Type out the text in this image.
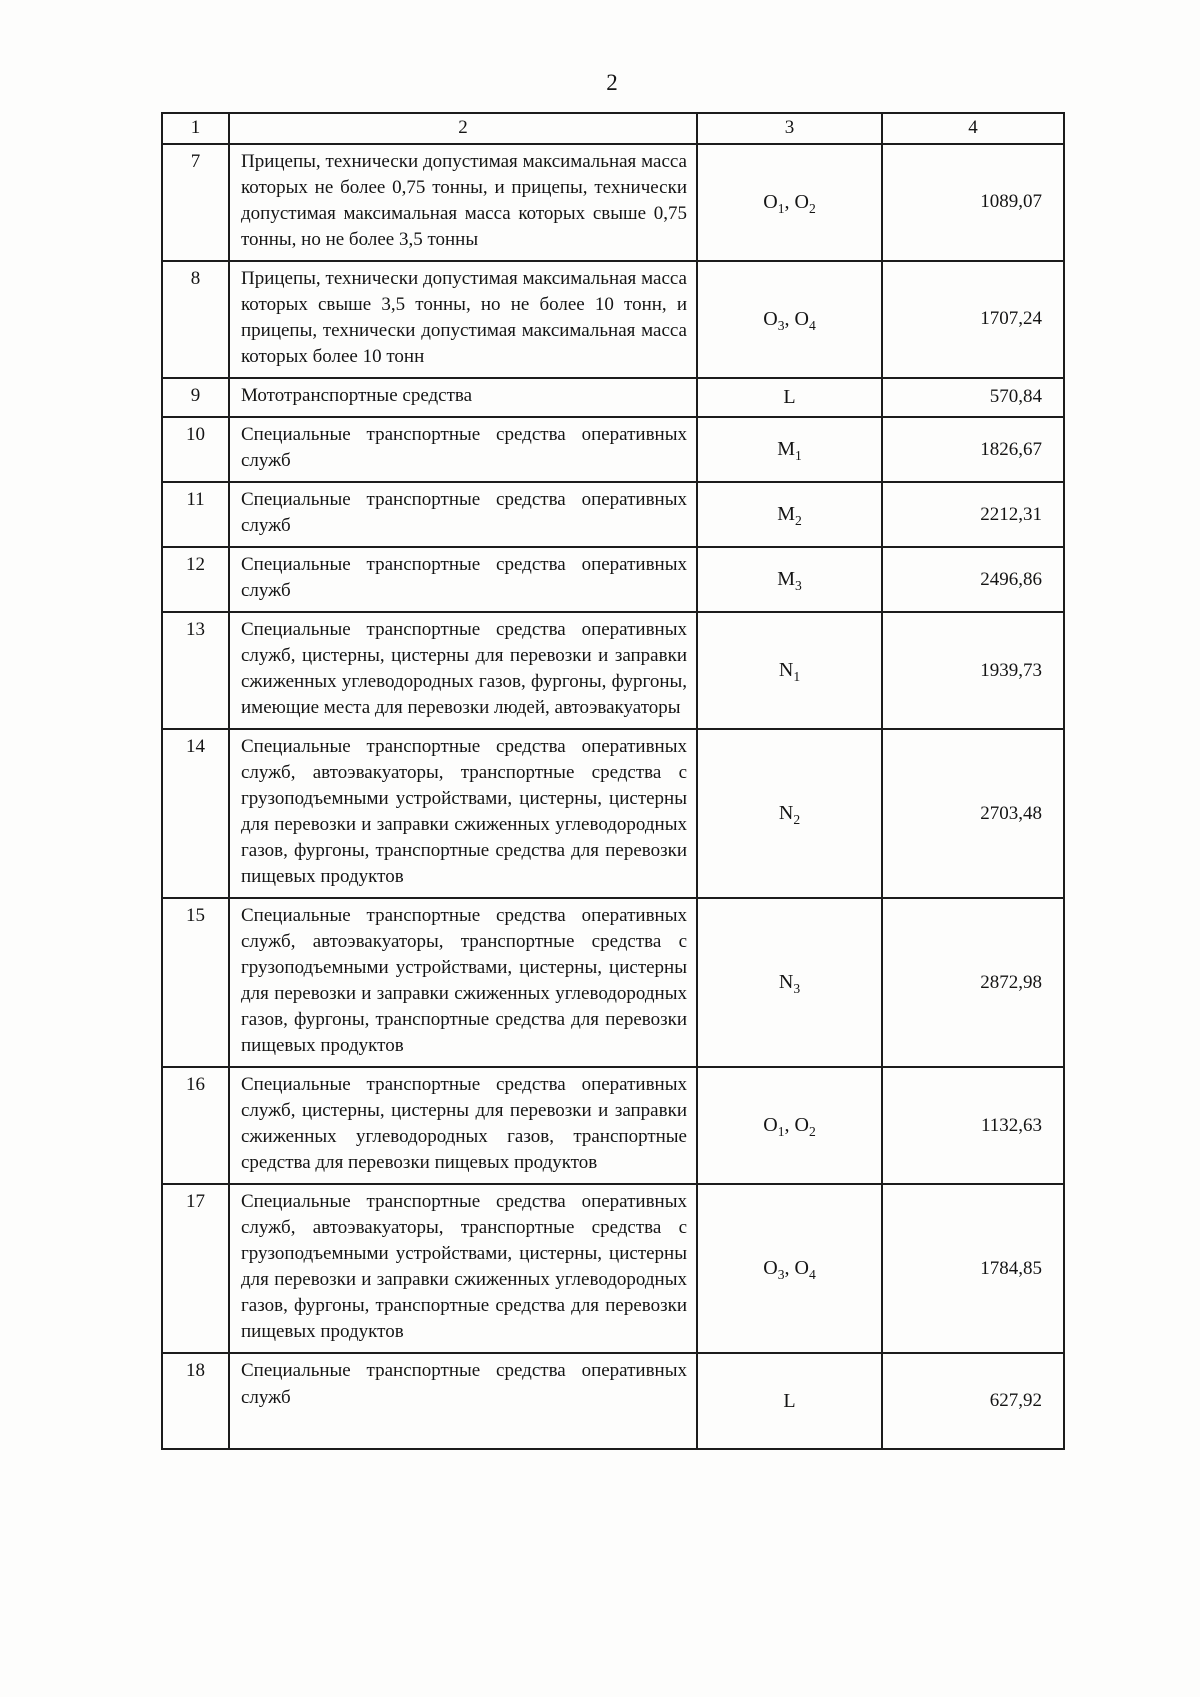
2
1	2	3	4
7	Прицепы, технически допустимая максимальная масса которых не более 0,75 тонны, и прицепы, технически допустимая максимальная масса которых свыше 0,75 тонны, но не более 3,5 тонны	$O_1$, $O_2$	1089,07
8	Прицепы, технически допустимая максимальная масса которых свыше 3,5 тонны, но не более 10 тонн, и прицепы, технически допустимая максимальная масса которых более 10 тонн	$O_3$, $O_4$	1707,24
9	Мототранспортные средства	L	570,84
10	Специальные транспортные средства оперативных служб	$M_1$	1826,67
11	Специальные транспортные средства оперативных служб	$M_2$	2212,31
12	Специальные транспортные средства оперативных служб	$M_3$	2496,86
13	Специальные транспортные средства оперативных служб, цистерны, цистерны для перевозки и заправки сжиженных углеводородных газов, фургоны, фургоны, имеющие места для перевозки людей, автоэвакуаторы	$N_1$	1939,73
14	Специальные транспортные средства оперативных служб, автоэвакуаторы, транспортные средства с грузоподъемными устройствами, цистерны, цистерны для перевозки и заправки сжиженных углеводородных газов, фургоны, транспортные средства для перевозки пищевых продуктов	$N_2$	2703,48
15	Специальные транспортные средства оперативных служб, автоэвакуаторы, транспортные средства с грузоподъемными устройствами, цистерны, цистерны для перевозки и заправки сжиженных углеводородных газов, фургоны, транспортные средства для перевозки пищевых продуктов	$N_3$	2872,98
16	Специальные транспортные средства оперативных служб, цистерны, цистерны для перевозки и заправки сжиженных углеводородных газов, транспортные средства для перевозки пищевых продуктов	$O_1$, $O_2$	1132,63
17	Специальные транспортные средства оперативных служб, автоэвакуаторы, транспортные средства с грузоподъемными устройствами, цистерны, цистерны для перевозки и заправки сжиженных углеводородных газов, фургоны, транспортные средства для перевозки пищевых продуктов	$O_3$, $O_4$	1784,85
18	Специальные транспортные средства оперативных служб	L	627,92
